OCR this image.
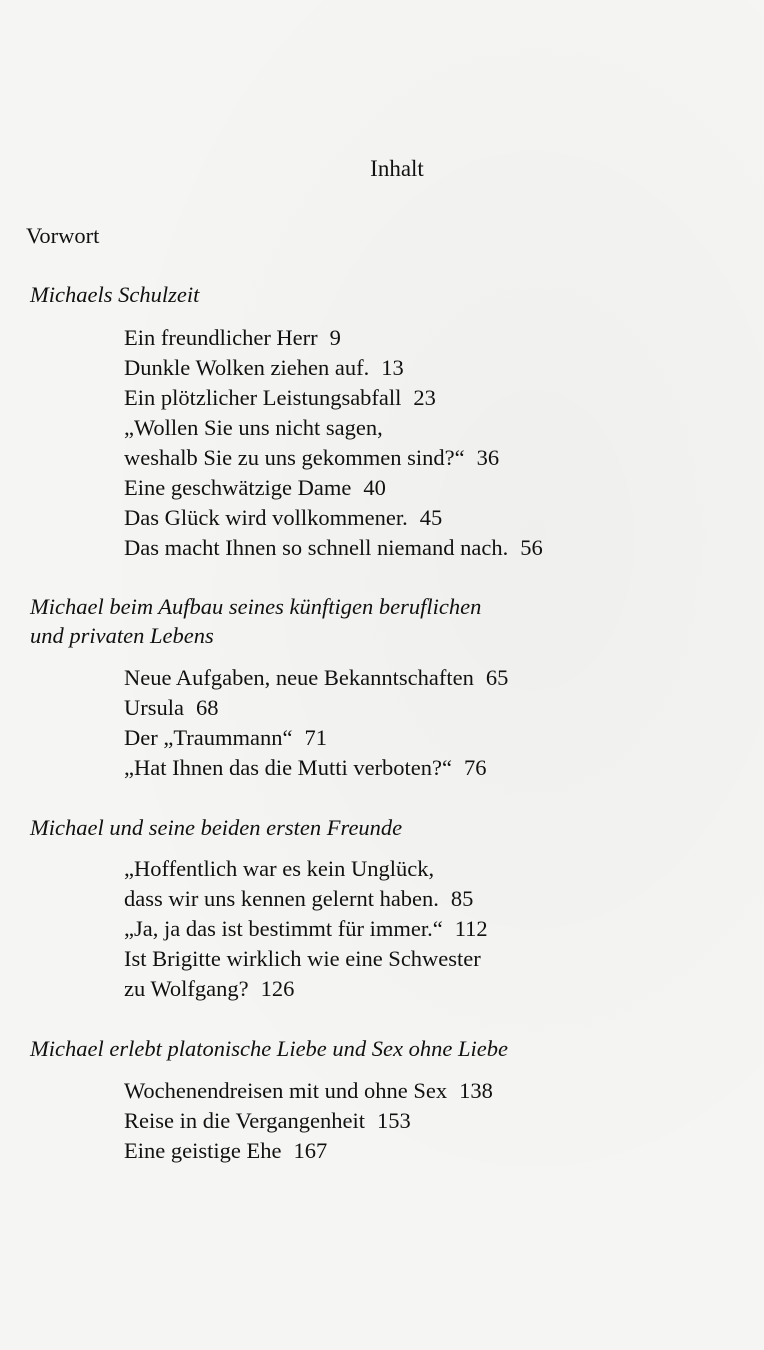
Inhalt
Vorwort
Michaels Schulzeit
Ein freundlicher Herr 9
Dunkle Wolken ziehen auf. 13
Ein plötzlicher Leistungsabfall 23
„Wollen Sie uns nicht sagen,
weshalb Sie zu uns gekommen sind?“ 36
Eine geschwätzige Dame 40
Das Glück wird vollkommener. 45
Das macht Ihnen so schnell niemand nach. 56
Michael beim Aufbau seines künftigen beruflichen
und privaten Lebens
Neue Aufgaben, neue Bekanntschaften 65
Ursula 68
Der „Traummann“ 71
„Hat Ihnen das die Mutti verboten?“ 76
Michael und seine beiden ersten Freunde
„Hoffentlich war es kein Unglück,
dass wir uns kennen gelernt haben. 85
„Ja, ja das ist bestimmt für immer.“ 112
Ist Brigitte wirklich wie eine Schwester
zu Wolfgang? 126
Michael erlebt platonische Liebe und Sex ohne Liebe
Wochenendreisen mit und ohne Sex 138
Reise in die Vergangenheit 153
Eine geistige Ehe 167
